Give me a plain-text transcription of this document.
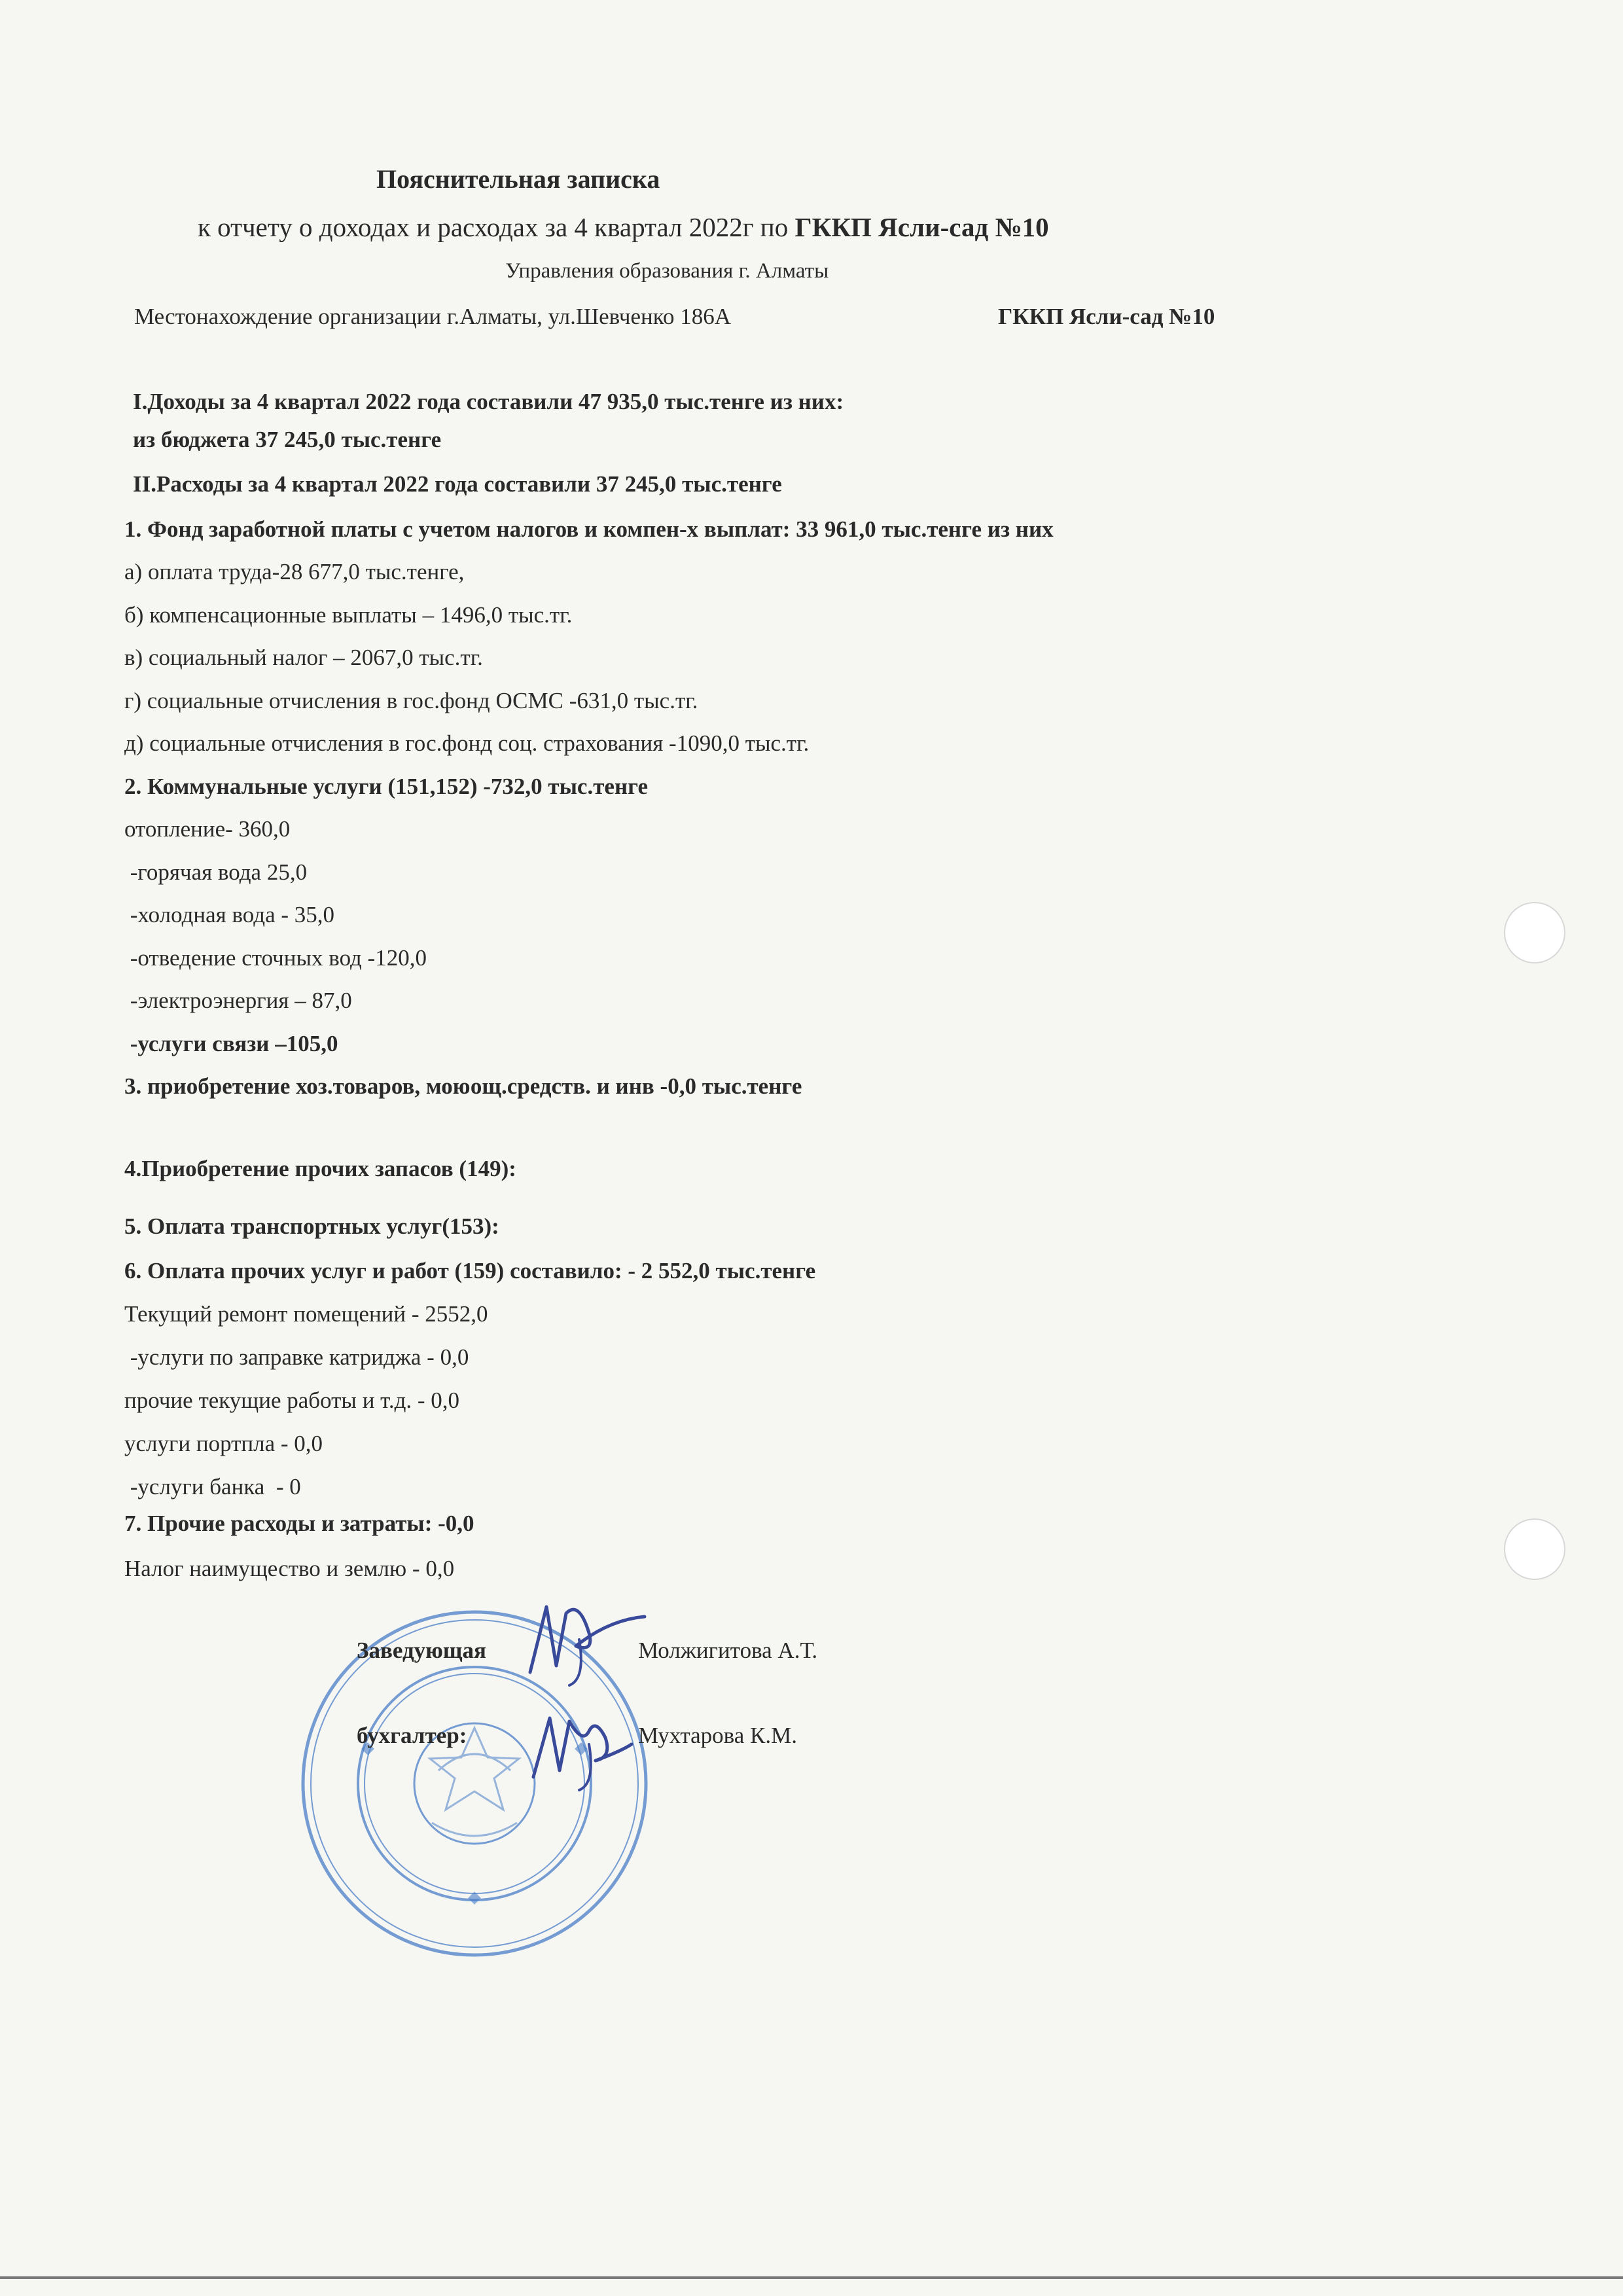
Пояснительная записка
к отчету о доходах и расходах за 4 квартал 2022г по ГККП Ясли-сад №10
Управления образования г. Алматы
Местонахождение организации г.Алматы, ул.Шевченко 186А	ГККП Ясли-сад №10
I.Доходы за 4 квартал 2022 года составили 47 935,0 тыс.тенге из них:
из бюджета 37 245,0 тыс.тенге
II.Расходы за 4 квартал 2022 года составили 37 245,0 тыс.тенге
1. Фонд заработной платы с учетом налогов и компен-х выплат: 33 961,0 тыс.тенге из них
а) оплата труда-28 677,0 тыс.тенге,
б) компенсационные выплаты – 1496,0 тыс.тг.
в) социальный налог – 2067,0 тыс.тг.
г) социальные отчисления в гос.фонд ОСМС -631,0 тыс.тг.
д) социальные отчисления в гос.фонд соц. страхования -1090,0 тыс.тг.
2. Коммунальные услуги (151,152) -732,0 тыс.тенге
отопление- 360,0
-горячая вода 25,0
-холодная вода - 35,0
-отведение сточных вод -120,0
-электроэнергия – 87,0
-услуги связи –105,0
3. приобретение хоз.товаров, моюощ.средств. и инв -0,0 тыс.тенге
4.Приобретение прочих запасов (149):
5. Оплата транспортных услуг(153):
6. Оплата прочих услуг и работ (159) составило: - 2 552,0 тыс.тенге
Текущий ремонт помещений - 2552,0
-услуги по заправке катриджа - 0,0
прочие текущие работы и т.д. - 0,0
услуги портпла - 0,0
-услуги банка  - 0
7. Прочие расходы и затраты: -0,0
Налог наимущество и землю - 0,0
Заведующая	Молжигитова А.Т.
бухгалтер:	Мухтарова К.М.
